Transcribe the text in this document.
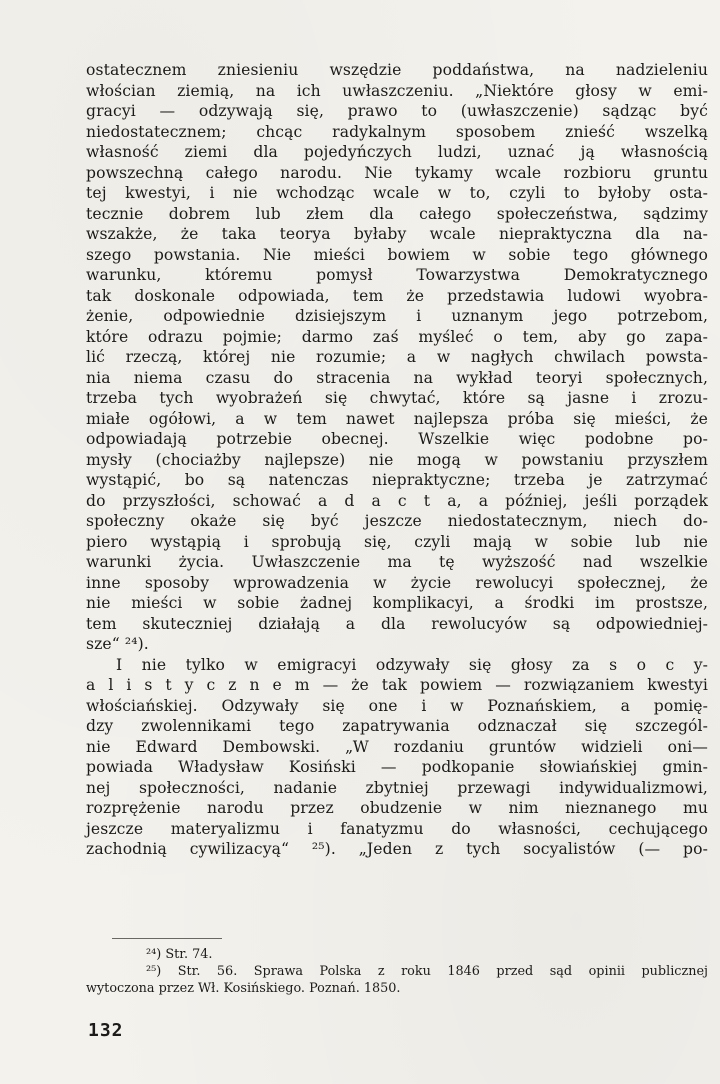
ostatecznem zniesieniu wszędzie poddaństwa, na nadzieleniu
włościan ziemią, na ich uwłaszczeniu. „Niektóre głosy w emi-
gracyi — odzywają się, prawo to (uwłaszczenie) sądząc być
niedostatecznem; chcąc radykalnym sposobem znieść wszelką
własność ziemi dla pojedyńczych ludzi, uznać ją własnością
powszechną całego narodu. Nie tykamy wcale rozbioru gruntu
tej kwestyi, i nie wchodząc wcale w to, czyli to byłoby osta-
tecznie dobrem lub złem dla całego społeczeństwa, sądzimy
wszakże, że taka teorya byłaby wcale niepraktyczna dla na-
szego powstania. Nie mieści bowiem w sobie tego głównego
warunku, któremu pomysł Towarzystwa Demokratycznego
tak doskonale odpowiada, tem że przedstawia ludowi wyobra-
żenie, odpowiednie dzisiejszym i uznanym jego potrzebom,
które odrazu pojmie; darmo zaś myśleć o tem, aby go zapa-
lić rzeczą, której nie rozumie; a w nagłych chwilach powsta-
nia niema czasu do stracenia na wykład teoryi społecznych,
trzeba tych wyobrażeń się chwytać, które są jasne i zrozu-
miałe ogółowi, a w tem nawet najlepsza próba się mieści, że
odpowiadają potrzebie obecnej. Wszelkie więc podobne po-
mysły (chociażby najlepsze) nie mogą w powstaniu przyszłem
wystąpić, bo są natenczas niepraktyczne; trzeba je zatrzymać
do przyszłości, schować a d a c t a, a później, jeśli porządek
społeczny okaże się być jeszcze niedostatecznym, niech do-
piero wystąpią i sprobują się, czyli mają w sobie lub nie
warunki życia. Uwłaszczenie ma tę wyższość nad wszelkie
inne sposoby wprowadzenia w życie rewolucyi społecznej, że
nie mieści w sobie żadnej komplikacyi, a środki im prostsze,
tem skuteczniej działają a dla rewolucyów są odpowiedniej-
sze“ ²⁴).
I nie tylko w emigracyi odzywały się głosy za s o c y-
a l i s t y c z n e m — że tak powiem — rozwiązaniem kwestyi
włościańskiej. Odzywały się one i w Poznańskiem, a pomię-
dzy zwolennikami tego zapatrywania odznaczał się szczegól-
nie Edward Dembowski. „W rozdaniu gruntów widzieli oni—
powiada Władysław Kosiński — podkopanie słowiańskiej gmin-
nej społeczności, nadanie zbytniej przewagi indywidualizmowi,
rozprężenie narodu przez obudzenie w nim nieznanego mu
jeszcze materyalizmu i fanatyzmu do własności, cechującego
zachodnią cywilizacyą“ ²⁵). „Jeden z tych socyalistów (— po-
²⁴) Str. 74.
²⁵) Str. 56. Sprawa Polska z roku 1846 przed sąd opinii publicznej
wytoczona przez Wł. Kosińskiego. Poznań. 1850.
132
